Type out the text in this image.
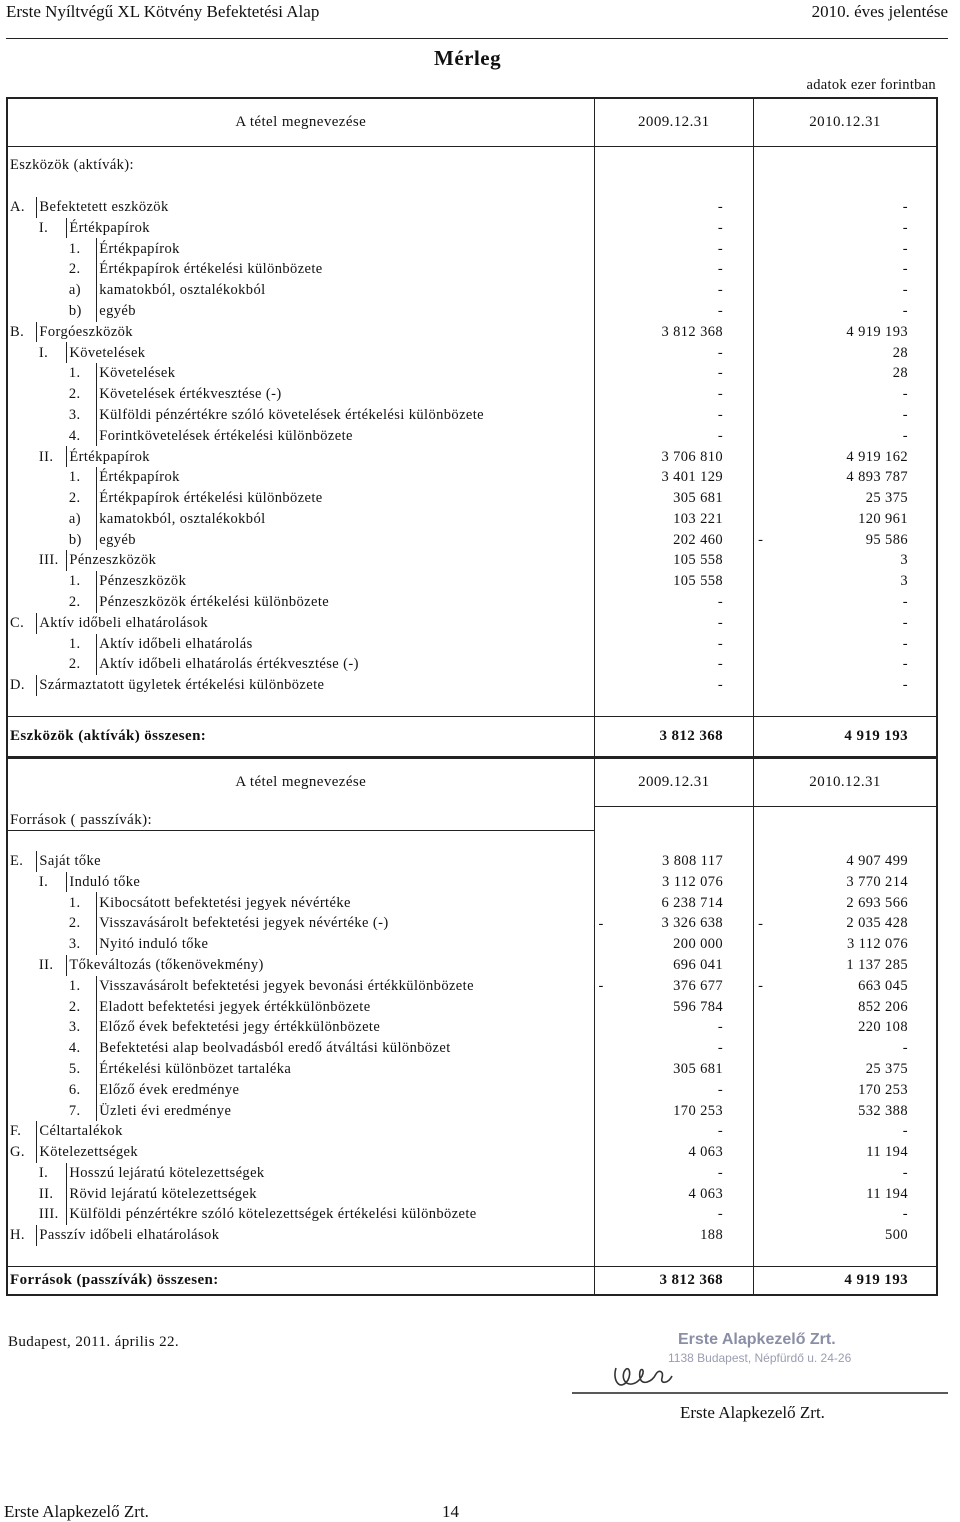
Erste Nyíltvégű XL Kötvény Befektetési Alap	2010. éves jelentése
Mérleg
adatok ezer forintban
A tétel megnevezése				2009.12.31	2010.12.31
Eszközök (aktívák):					

A.	Befektetett eszközök			-	-
	I.	Értékpapírok		-	-
		1.	Értékpapírok	-	-
		2.	Értékpapírok értékelési különbözete	-	-
		a)	kamatokból, osztalékokból	-	-
		b)	egyéb	-	-
B.	Forgóeszközök			3 812 368	4 919 193
	I.	Követelések		-	28
		1.	Követelések	-	28
		2.	Követelések értékvesztése (-)	-	-
		3.	Külföldi pénzértékre szóló követelések értékelési különbözete	-	-
		4.	Forintkövetelések értékelési különbözete	-	-
	II.	Értékpapírok		3 706 810	4 919 162
		1.	Értékpapírok	3 401 129	4 893 787
		2.	Értékpapírok értékelési különbözete	305 681	25 375
		a)	kamatokból, osztalékokból	103 221	120 961
		b)	egyéb	202 460	- 95 586
	III.	Pénzeszközök		105 558	3
		1.	Pénzeszközök	105 558	3
		2.	Pénzeszközök értékelési különbözete	-	-
C.	Aktív időbeli elhatárolások			-	-
		1.	Aktív időbeli elhatárolás	-	-
		2.	Aktív időbeli elhatárolás értékvesztése (-)	-	-
D.	Származtatott ügyletek értékelési különbözete			-	-

Eszközök (aktívák) összesen:				3 812 368	4 919 193
A tétel megnevezése				2009.12.31	2010.12.31
Források ( passzívák):					

E.	Saját tőke			3 808 117	4 907 499
	I.	Induló tőke		3 112 076	3 770 214
		1.	Kibocsátott befektetési jegyek névértéke	6 238 714	2 693 566
		2.	Visszavásárolt befektetési jegyek névértéke (-)	- 3 326 638	- 2 035 428
		3.	Nyitó induló tőke	200 000	3 112 076
	II.	Tőkeváltozás (tőkenövekmény)		696 041	1 137 285
		1.	Visszavásárolt befektetési jegyek bevonási értékkülönbözete	- 376 677	- 663 045
		2.	Eladott befektetési jegyek értékkülönbözete	596 784	852 206
		3.	Előző évek befektetési jegy értékkülönbözete	-	220 108
		4.	Befektetési alap beolvadásból eredő átváltási különbözet	-	-
		5.	Értékelési különbözet tartaléka	305 681	25 375
		6.	Előző évek eredménye	-	170 253
		7.	Üzleti évi eredménye	170 253	532 388
F.	Céltartalékok			-	-
G.	Kötelezettségek			4 063	11 194
	I.	Hosszú lejáratú kötelezettségek		-	-
	II.	Rövid lejáratú kötelezettségek		4 063	11 194
	III.	Külföldi pénzértékre szóló kötelezettségek értékelési különbözete		-	-
H.	Passzív időbeli elhatárolások			188	500

Források (passzívák) összesen:				3 812 368	4 919 193
Budapest, 2011. április 22.	Erste Alapkezelő Zrt.
1138 Budapest, Népfürdő u. 24-26
Erste Alapkezelő Zrt.
Erste Alapkezelő Zrt.	14
